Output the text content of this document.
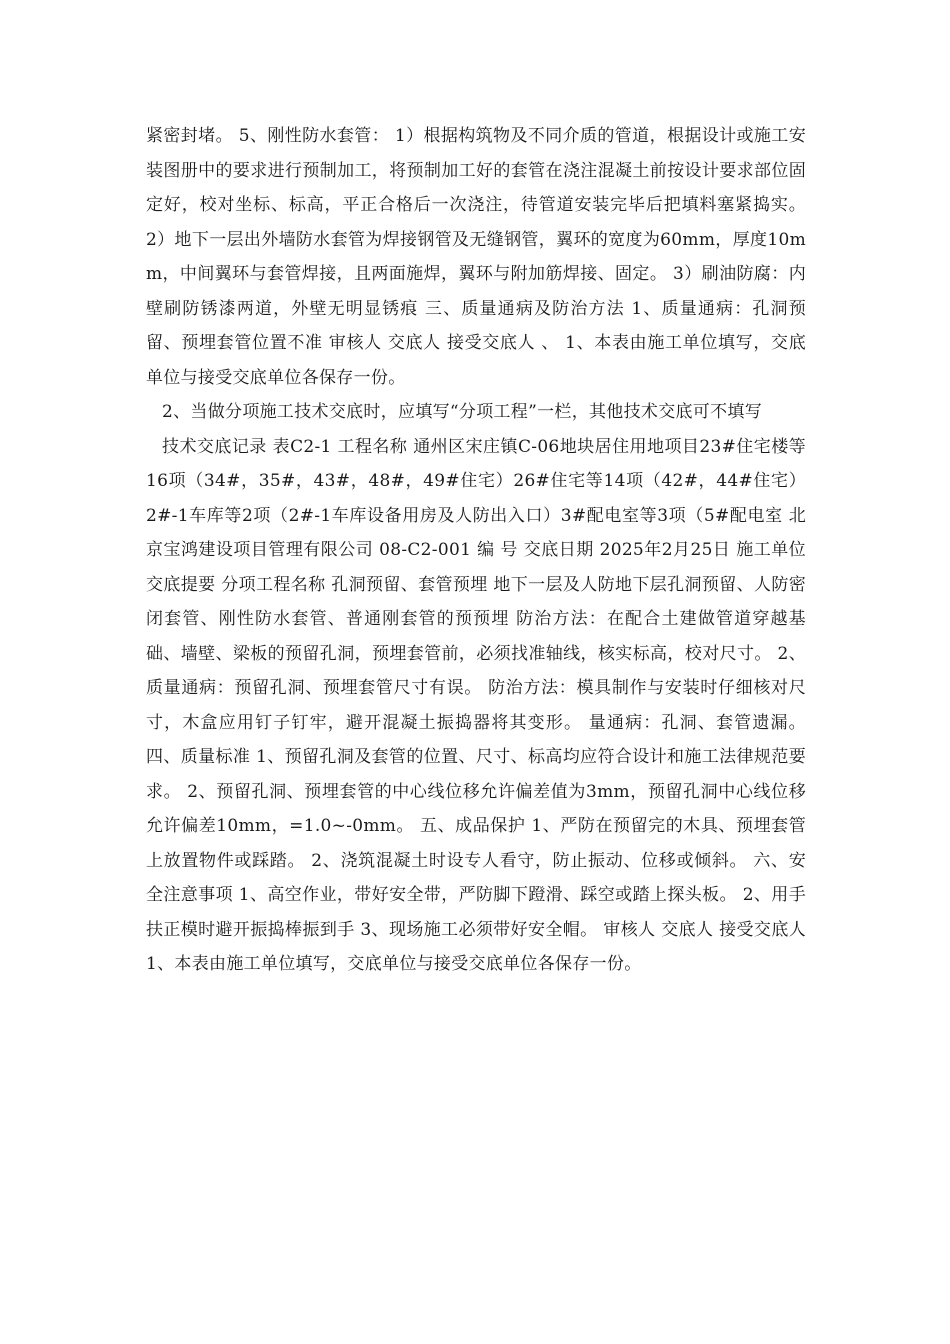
紧密封堵。 5、刚性防水套管： 1）根据构筑物及不同介质的管道，根据设计或施工安装图册中的要求进行预制加工，将预制加工好的套管在浇注混凝土前按设计要求部位固定好，校对坐标、标高，平正合格后一次浇注，待管道安装完毕后把填料塞紧捣实。 2）地下一层出外墙防水套管为焊接钢管及无缝钢管，翼环的宽度为60mm，厚度10mm，中间翼环与套管焊接，且两面施焊，翼环与附加筋焊接、固定。 3）刷油防腐：内壁刷防锈漆两道，外壁无明显锈痕 三、质量通病及防治方法 1、质量通病：孔洞预留、预埋套管位置不准 审核人 交底人 接受交底人 、 1、本表由施工单位填写，交底单位与接受交底单位各保存一份。

2、当做分项施工技术交底时，应填写“分项工程”一栏，其他技术交底可不填写

技术交底记录 表C2-1 工程名称 通州区宋庄镇C-06地块居住用地项目23#住宅楼等16项（34#，35#，43#，48#，49#住宅）26#住宅等14项（42#，44#住宅）2#-1车库等2项（2#-1车库设备用房及人防出入口）3#配电室等3项（5#配电室 北京宝鸿建设项目管理有限公司 08-C2-001 编 号 交底日期 2025年2月25日 施工单位 交底提要 分项工程名称 孔洞预留、套管预埋 地下一层及人防地下层孔洞预留、人防密闭套管、刚性防水套管、普通刚套管的预预埋 防治方法：在配合土建做管道穿越基础、墙壁、梁板的预留孔洞，预埋套管前，必须找准轴线，核实标高，校对尺寸。 2、质量通病：预留孔洞、预埋套管尺寸有误。 防治方法：模具制作与安装时仔细核对尺寸，木盒应用钉子钉牢，避开混凝土振捣器将其变形。 量通病：孔洞、套管遗漏。 四、质量标准 1、预留孔洞及套管的位置、尺寸、标高均应符合设计和施工法律规范要求。 2、预留孔洞、预埋套管的中心线位移允许偏差值为3mm，预留孔洞中心线位移允许偏差10mm，=1.0~-0mm。 五、成品保护 1、严防在预留完的木具、预埋套管上放置物件或踩踏。 2、浇筑混凝土时设专人看守，防止振动、位移或倾斜。 六、安全注意事项 1、高空作业，带好安全带，严防脚下蹬滑、踩空或踏上探头板。 2、用手扶正模时避开振捣棒振到手 3、现场施工必须带好安全帽。 审核人 交底人 接受交底人 1、本表由施工单位填写，交底单位与接受交底单位各保存一份。
